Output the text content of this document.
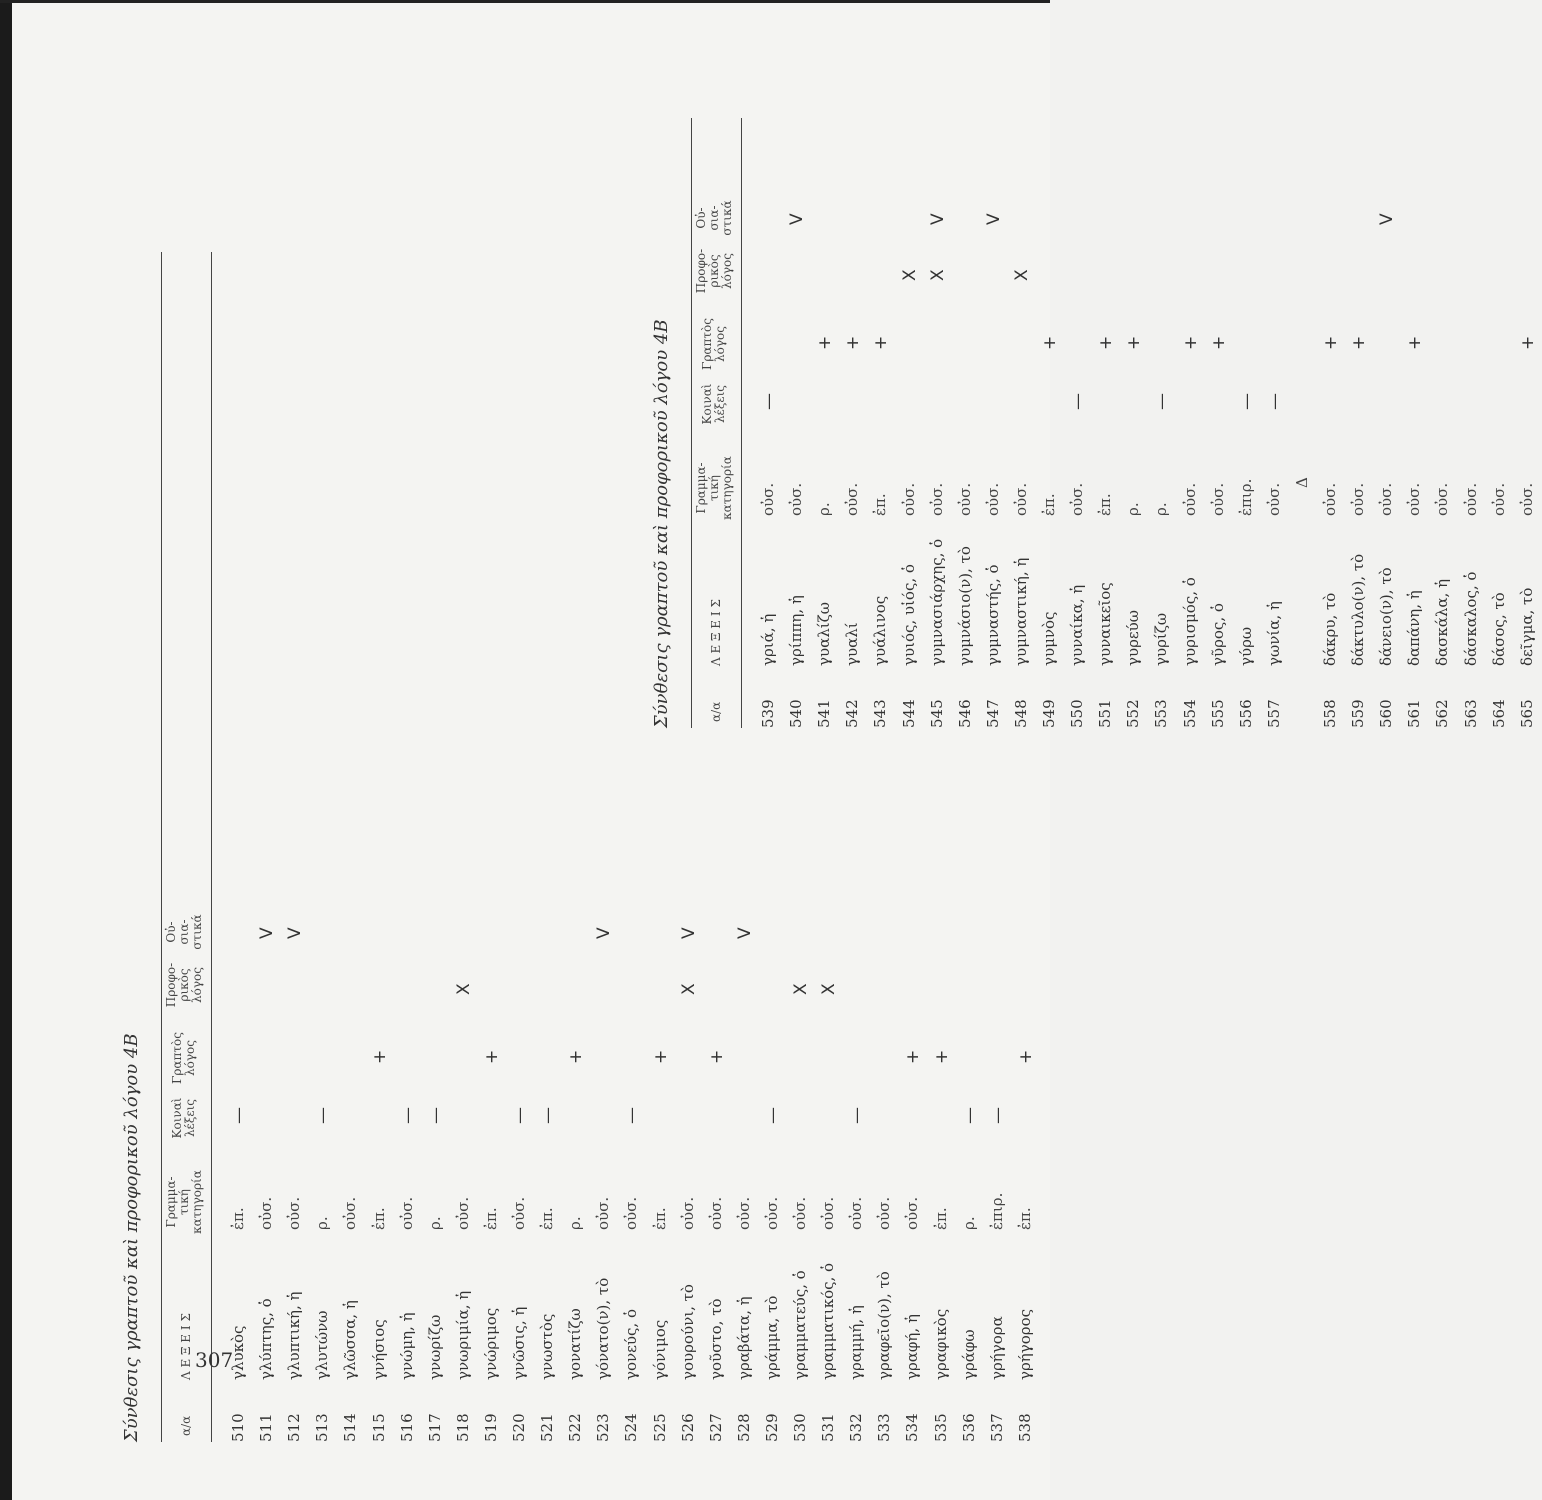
Σύνθεσις γραπτοῦ καὶ προφορικοῦ λόγου 4Β	α/α
Λ Ε Ξ Ε Ι Σ
Γραμμα-
τική
κατηγορία
Κοιναὶ
λέξεις
Γραπτὸς
λόγος
Προφο-
ρικὸς
λόγος
Οὐ-
σια-
στικά
510
γλυκὸς
ἐπ.
—
511
γλύπτης, ὁ
οὐσ.
V
512
γλυπτική, ἡ
οὐσ.
V
513
γλυτώνω
ρ.
—
514
γλῶσσα, ἡ
οὐσ.
515
γνήσιος
ἐπ.
+
516
γνώμη, ἡ
οὐσ.
—
517
γνωρίζω
ρ.
—
518
γνωριμία, ἡ
οὐσ.
X
519
γνώριμος
ἐπ.
+
520
γνῶσις, ἡ
οὐσ.
—
521
γνωστὸς
ἐπ.
—
522
γονατίζω
ρ.
+
523
γόνατο(ν), τὸ
οὐσ.
V
524
γονεύς, ὁ
οὐσ.
—
525
γόνιμος
ἐπ.
+
526
γουρούνι, τὸ
οὐσ.
X
V
527
γοῦστο, τὸ
οὐσ.
+
528
γραβάτα, ἡ
οὐσ.
V
529
γράμμα, τὸ
οὐσ.
—
530
γραμματεύς, ὁ
οὐσ.
X
531
γραμματικός, ὁ
οὐσ.
X
532
γραμμή, ἡ
οὐσ.
—
533
γραφεῖο(ν), τὸ
οὐσ.
534
γραφή, ἡ
οὐσ.
+
535
γραφικὸς
ἐπ.
+
536
γράφω
ρ.
—
537
γρήγορα
ἐπιρ.
—
538
γρήγορος
ἐπ.
+
Σύνθεσις γραπτοῦ καὶ προφορικοῦ λόγου 4Β	α/α
Λ Ε Ξ Ε Ι Σ
Γραμμα-
τική
κατηγορία
Κοιναὶ
λέξεις
Γραπτὸς
λόγος
Προφο-
ρικὸς
λόγος
Οὐ-
σια-
στικά
539
γριά, ἡ
οὐσ.
—
540
γρίππη, ἡ
οὐσ.
V
541
γυαλίζω
ρ.
+
542
γυαλί
οὐσ.
+
543
γυάλινος
ἐπ.
+
544
γυιός, υἱός, ὁ
οὐσ.
X
545
γυμνασιάρχης, ὁ
οὐσ.
X
V
546
γυμνάσιο(ν), τὸ
οὐσ.
547
γυμναστής, ὁ
οὐσ.
V
548
γυμναστική, ἡ
οὐσ.
X
549
γυμνὸς
ἐπ.
+
550
γυναίκα, ἡ
οὐσ.
—
551
γυναικεῖος
ἐπ.
+
552
γυρεύω
ρ.
+
553
γυρίζω
ρ.
—
554
γυρισμός, ὁ
οὐσ.
+
555
γῦρος, ὁ
οὐσ.
+
556
γύρω
ἐπιρ.
—
557
γωνία, ἡ
οὐσ.
—
Δ
558
δάκρυ, τὸ
οὐσ.
+
559
δάκτυλο(ν), τὸ
οὐσ.
+
560
δάνειο(ν), τὸ
οὐσ.
V
561
δαπάνη, ἡ
οὐσ.
+
562
δασκάλα, ἡ
οὐσ.
563
δάσκαλος, ὁ
οὐσ.
564
δάσος, τὸ
οὐσ.
565
δεῖγμα, τὸ
οὐσ.
+
307
